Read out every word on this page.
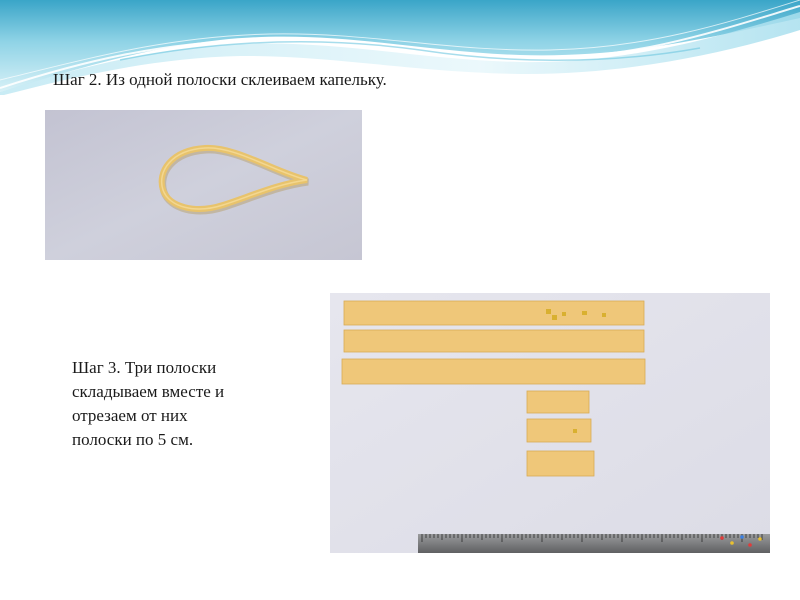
Шаг 2. Из одной полоски склеиваем капельку.
Шаг 3. Три полоски
складываем вместе и
отрезаем от них
полоски по 5 см.
